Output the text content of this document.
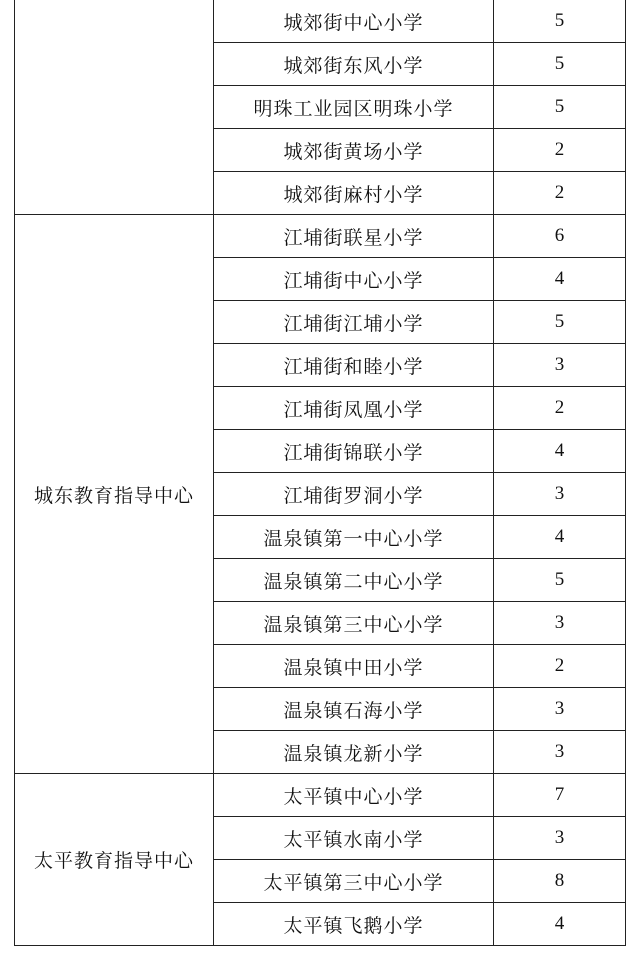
城郊街中心小学	5
城郊街东风小学	5
明珠工业园区明珠小学	5
城郊街黄场小学	2
城郊街麻村小学	2
城东教育指导中心
江埔街联星小学	6
江埔街中心小学	4
江埔街江埔小学	5
江埔街和睦小学	3
江埔街凤凰小学	2
江埔街锦联小学	4
江埔街罗洞小学	3
温泉镇第一中心小学	4
温泉镇第二中心小学	5
温泉镇第三中心小学	3
温泉镇中田小学	2
温泉镇石海小学	3
温泉镇龙新小学	3
太平教育指导中心
太平镇中心小学	7
太平镇水南小学	3
太平镇第三中心小学	8
太平镇飞鹅小学	4
